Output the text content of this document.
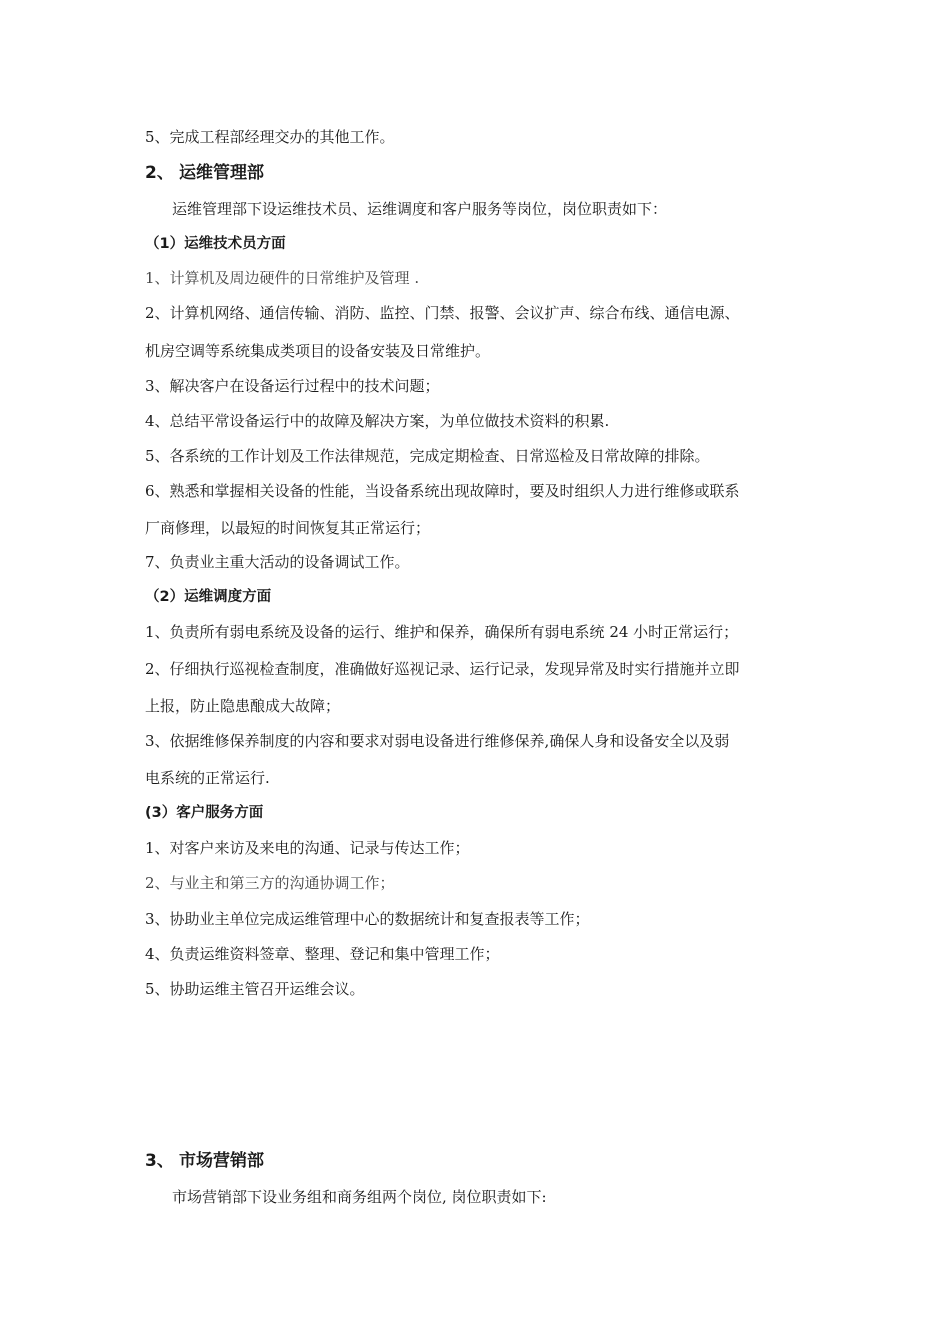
5、完成工程部经理交办的其他工作。
2、 运维管理部
运维管理部下设运维技术员、运维调度和客户服务等岗位，岗位职责如下：
（1）运维技术员方面
1、计算机及周边硬件的日常维护及管理 .
2、计算机网络、通信传输、消防、监控、门禁、报警、会议扩声、综合布线、通信电源、
机房空调等系统集成类项目的设备安装及日常维护。
3、解决客户在设备运行过程中的技术问题；
4、总结平常设备运行中的故障及解决方案，为单位做技术资料的积累.
5、各系统的工作计划及工作法律规范，完成定期检查、日常巡检及日常故障的排除。
6、熟悉和掌握相关设备的性能，当设备系统出现故障时，要及时组织人力进行维修或联系
厂商修理，以最短的时间恢复其正常运行；
7、负责业主重大活动的设备调试工作。
（2）运维调度方面
1、负责所有弱电系统及设备的运行、维护和保养，确保所有弱电系统 24 小时正常运行；
2、仔细执行巡视检查制度，准确做好巡视记录、运行记录，发现异常及时实行措施并立即
上报，防止隐患酿成大故障；
3、依据维修保养制度的内容和要求对弱电设备进行维修保养,确保人身和设备安全以及弱
电系统的正常运行.
(3）客户服务方面
1、对客户来访及来电的沟通、记录与传达工作；
2、与业主和第三方的沟通协调工作；
3、协助业主单位完成运维管理中心的数据统计和复查报表等工作；
4、负责运维资料签章、整理、登记和集中管理工作；
5、协助运维主管召开运维会议。
3、 市场营销部
市场营销部下设业务组和商务组两个岗位, 岗位职责如下:
